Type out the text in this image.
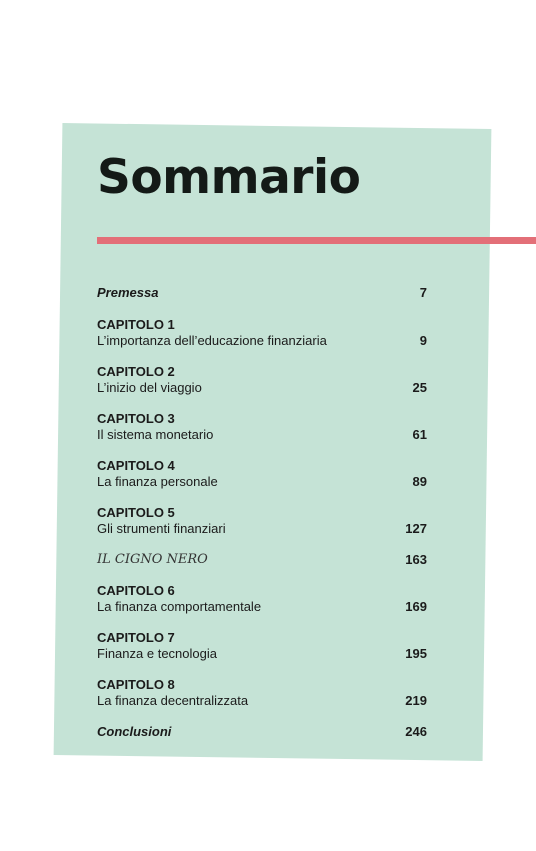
Sommario
Premessa	7
CAPITOLO 1
L’importanza dell’educazione finanziaria	9
CAPITOLO 2
L’inizio del viaggio	25
CAPITOLO 3
Il sistema monetario	61
CAPITOLO 4
La finanza personale	89
CAPITOLO 5
Gli strumenti finanziari	127
IL CIGNO NERO	163
CAPITOLO 6
La finanza comportamentale	169
CAPITOLO 7
Finanza e tecnologia	195
CAPITOLO 8
La finanza decentralizzata	219
Conclusioni	246
